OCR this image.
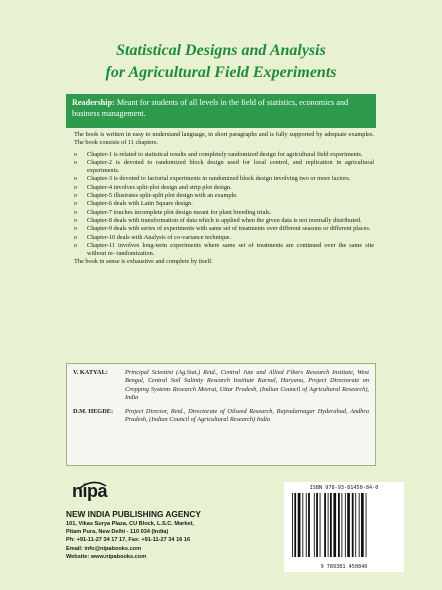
Statistical Designs and Analysis
for Agricultural Field Experiments
Readership: Meant for students of all levels in the field of statistics, economics and business management.

The book is written in easy to understand language, in short paragraphs and is fully supported by adequate examples. The book consists of 11 chapters.

o Chapter-1 is related to statistical results and completely randomized design for agricultural field experiments.
o Chapter-2 is devoted to randomized block design used for local control, and replication in agricultural experiments.
o Chapter-3 is devoted to factorial experiments in randomized block design involving two or more factors.
o Chapter-4 involves split-plot design and strip plot design.
o Chapter-5 illustrates split-split plot design with an example.
o Chapter-6 deals with Latin Square design.
o Chapter-7 touches incomplete plot design meant for plant breeding trials.
o Chapter-8 deals with transformation of data which is applied when the given data is not normally distributed.
o Chapter-9 deals with series of experiments with same set of treatments over different seasons or different places.
o Chapter-10 deals with Analysis of co-variance technique.
o Chapter-11 involves long-term experiments where same set of treatments are continued over the same site without re- randomization.

The book in sense is exhaustive and complete by itself.

V. KATYAL:	Principal Scientist (Ag.Stat.) Retd., Central Jute and Allied Fibers Research Institute, West Bengal, Central Soil Salinity Research Institute Karnal, Haryana, Project Directorate on Cropping Systems Research Meerut, Uttar Pradesh, (Indian Council of Agricultural Research), India
D.M. HEGDE:	Project Director, Retd., Directorate of Oilseed Research, Rajendarnagar Hyderabad, Andhra Pradesh, (Indian Council of Agricultural Research) India
nipa
NEW INDIA PUBLISHING AGENCY
101, Vikas Surya Plaza, CU Block, L.S.C. Market,
Pitam Pura, New Delhi - 110 034 (India)
Ph: +91-11-27 34 17 17, Fax: +91-11-27 34 16 16
Email: info@nipabooks.com
Website: www.nipabooks.com
ISBN 978-93-81450-84-0
9 789381 450840
